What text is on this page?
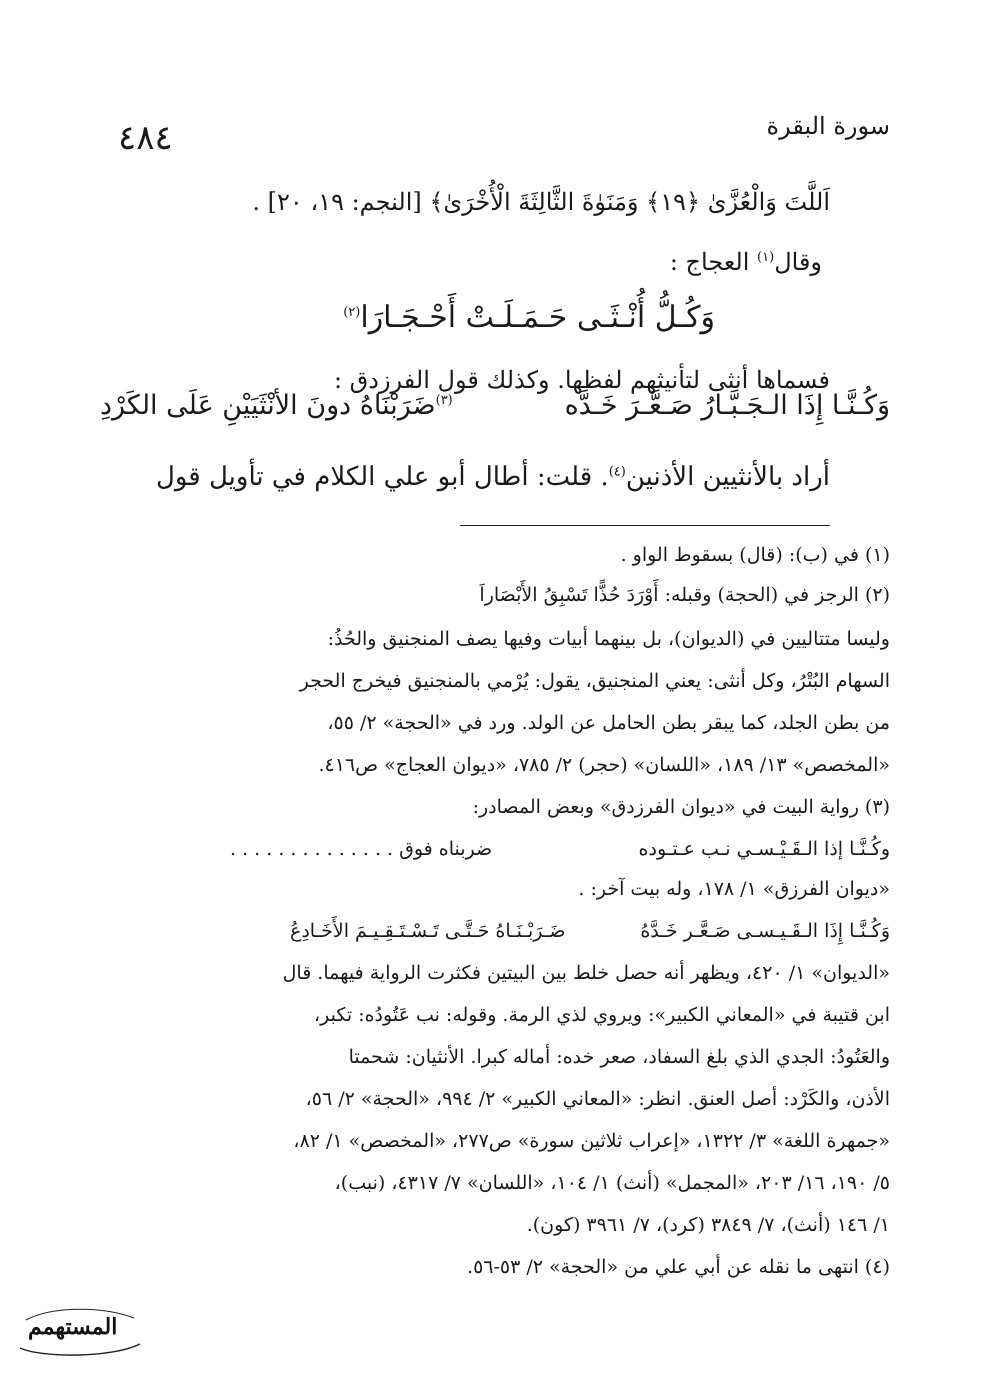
سورة البقرة
٤٨٤
اَللَّتَ وَالْعُزَّىٰ ﴿١٩﴾ وَمَنَوٰةَ الثَّالِثَةَ الْأُخْرَىٰ﴾ [النجم: ١٩، ٢٠] .
وقال$^{(١)}$ العجاج :
وَكُـلُّ أُنْـثَـى حَـمَـلَـتْ أَحْـجَـارَا$^{(٢)}$
فسماها أنثى لتأنيثهم لفظها. وكذلك قول الفرزدق :
وَكُـنَّـا إِذَا الـجَـبَّـارُ صَـعَّـرَ خَـدَّه
$^{(٣)}$ضَرَبْنَاهُ دونَ الأنْثَيَيْنِ عَلَى الكَرْدِ
أراد بالأنثيين الأذنين$^{(٤)}$. قلت: أطال أبو علي الكلام في تأويل قول
(١) في (ب): (قال) بسقوط الواو .
(٢) الرجز في (الحجة) وقبله: أَوْرَدَ حُذًّا تَسْبِقُ الأَبْصَاراَ
وليسا متتاليين في (الديوان)، بل بينهما أبيات وفيها يصف المنجنيق والحُذُ:
السهام البُتْرُ، وكل أنثى: يعني المنجنيق، يقول: يُرْمي بالمنجنيق فيخرج الحجر
من بطن الجلد، كما يبقر بطن الحامل عن الولد. ورد في «الحجة» ٢/ ٥٥،
«المخصص» ١٣/ ١٨٩، «اللسان» (حجر) ٢/ ٧٨٥، «ديوان العجاج» ص٤١٦.
(٣) رواية البيت في «ديوان الفرزدق» وبعض المصادر:
وكُـنَّـا إذا الـقَـيْـسـي نـب عـتـوده
ضربناه فوق . . . . . . . . . . . . . .
«ديوان الفرزق» ١/ ١٧٨، وله بيت آخر: .
وَكُـنَّـا إِذَا الـقَـيـسـى صَـعَّـر خَـدَّهُ
ضَـرَبْـنَـاهُ حَـتَّـى تَـسْـتَـقِـيـمَ الأَخَـادِعُ
«الديوان» ١/ ٤٢٠، ويظهر أنه حصل خلط بين البيتين فكثرت الرواية فيهما. قال
ابن قتيبة في «المعاني الكبير»: ويروي لذي الرمة. وقوله: نب عَتُودُه: تكبر،
والعَتُودُ: الجدي الذي بلغ السفاد، صعر خده: أماله كبرا. الأنثيان: شحمتا
الأذن، والكَرْد: أصل العنق. انظر: «المعاني الكبير» ٢/ ٩٩٤، «الحجة» ٢/ ٥٦،
«جمهرة اللغة» ٣/ ١٣٢٢، «إعراب ثلاثين سورة» ص٢٧٧، «المخصص» ١/ ٨٢،
٥/ ١٩٠، ١٦/ ٢٠٣، «المجمل» (أنث) ١/ ١٠٤، «اللسان» ٧/ ٤٣١٧، (نبب)،
١/ ١٤٦ (أنث)، ٧/ ٣٨٤٩ (كرد)، ٧/ ٣٩٦١ (كون).
(٤) انتهى ما نقله عن أبي علي من «الحجة» ٢/ ٥٣-٥٦.
المستهمم
